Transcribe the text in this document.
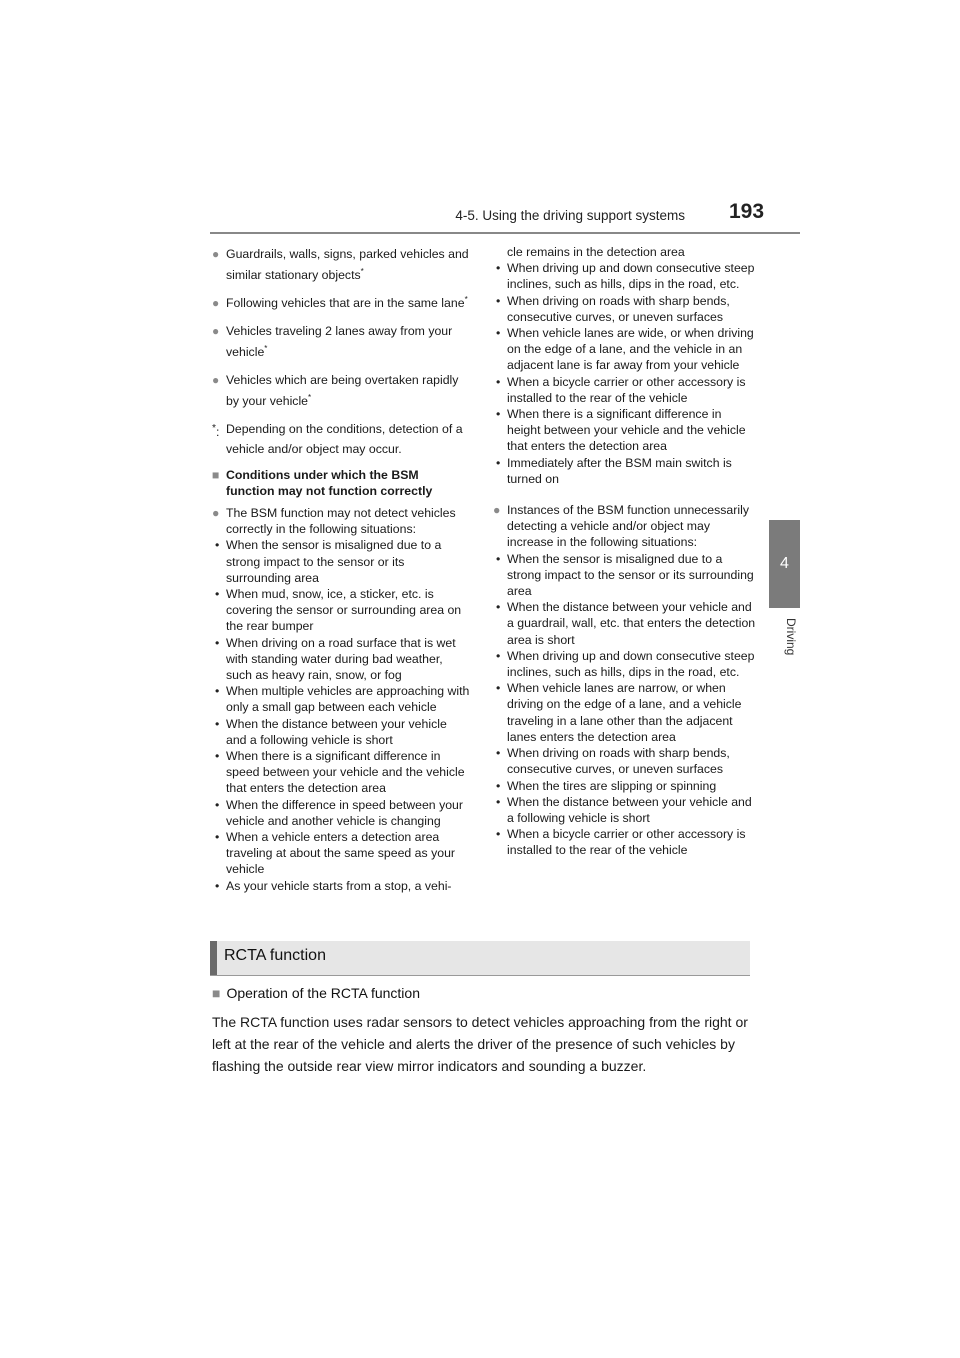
4-5. Using the driving support systems 193
4
Driving
● Guardrails, walls, signs, parked vehicles and similar stationary objects*
● Following vehicles that are in the same lane*
● Vehicles traveling 2 lanes away from your vehicle*
● Vehicles which are being overtaken rapidly by your vehicle*
*: Depending on the conditions, detection of a vehicle and/or object may occur.
■ Conditions under which the BSM function may not function correctly
● The BSM function may not detect vehicles correctly in the following situations:
• When the sensor is misaligned due to a strong impact to the sensor or its surrounding area
• When mud, snow, ice, a sticker, etc. is covering the sensor or surrounding area on the rear bumper
• When driving on a road surface that is wet with standing water during bad weather, such as heavy rain, snow, or fog
• When multiple vehicles are approaching with only a small gap between each vehicle
• When the distance between your vehicle and a following vehicle is short
• When there is a significant difference in speed between your vehicle and the vehicle that enters the detection area
• When the difference in speed between your vehicle and another vehicle is changing
• When a vehicle enters a detection area traveling at about the same speed as your vehicle
• As your vehicle starts from a stop, a vehi-
cle remains in the detection area
• When driving up and down consecutive steep inclines, such as hills, dips in the road, etc.
• When driving on roads with sharp bends, consecutive curves, or uneven surfaces
• When vehicle lanes are wide, or when driving on the edge of a lane, and the vehicle in an adjacent lane is far away from your vehicle
• When a bicycle carrier or other accessory is installed to the rear of the vehicle
• When there is a significant difference in height between your vehicle and the vehicle that enters the detection area
• Immediately after the BSM main switch is turned on
● Instances of the BSM function unnecessarily detecting a vehicle and/or object may increase in the following situations:
• When the sensor is misaligned due to a strong impact to the sensor or its surrounding area
• When the distance between your vehicle and a guardrail, wall, etc. that enters the detection area is short
• When driving up and down consecutive steep inclines, such as hills, dips in the road, etc.
• When vehicle lanes are narrow, or when driving on the edge of a lane, and a vehicle traveling in a lane other than the adjacent lanes enters the detection area
• When driving on roads with sharp bends, consecutive curves, or uneven surfaces
• When the tires are slipping or spinning
• When the distance between your vehicle and a following vehicle is short
• When a bicycle carrier or other accessory is installed to the rear of the vehicle
RCTA function
■ Operation of the RCTA function
The RCTA function uses radar sensors to detect vehicles approaching from the right or left at the rear of the vehicle and alerts the driver of the presence of such vehicles by flashing the outside rear view mirror indicators and sounding a buzzer.
